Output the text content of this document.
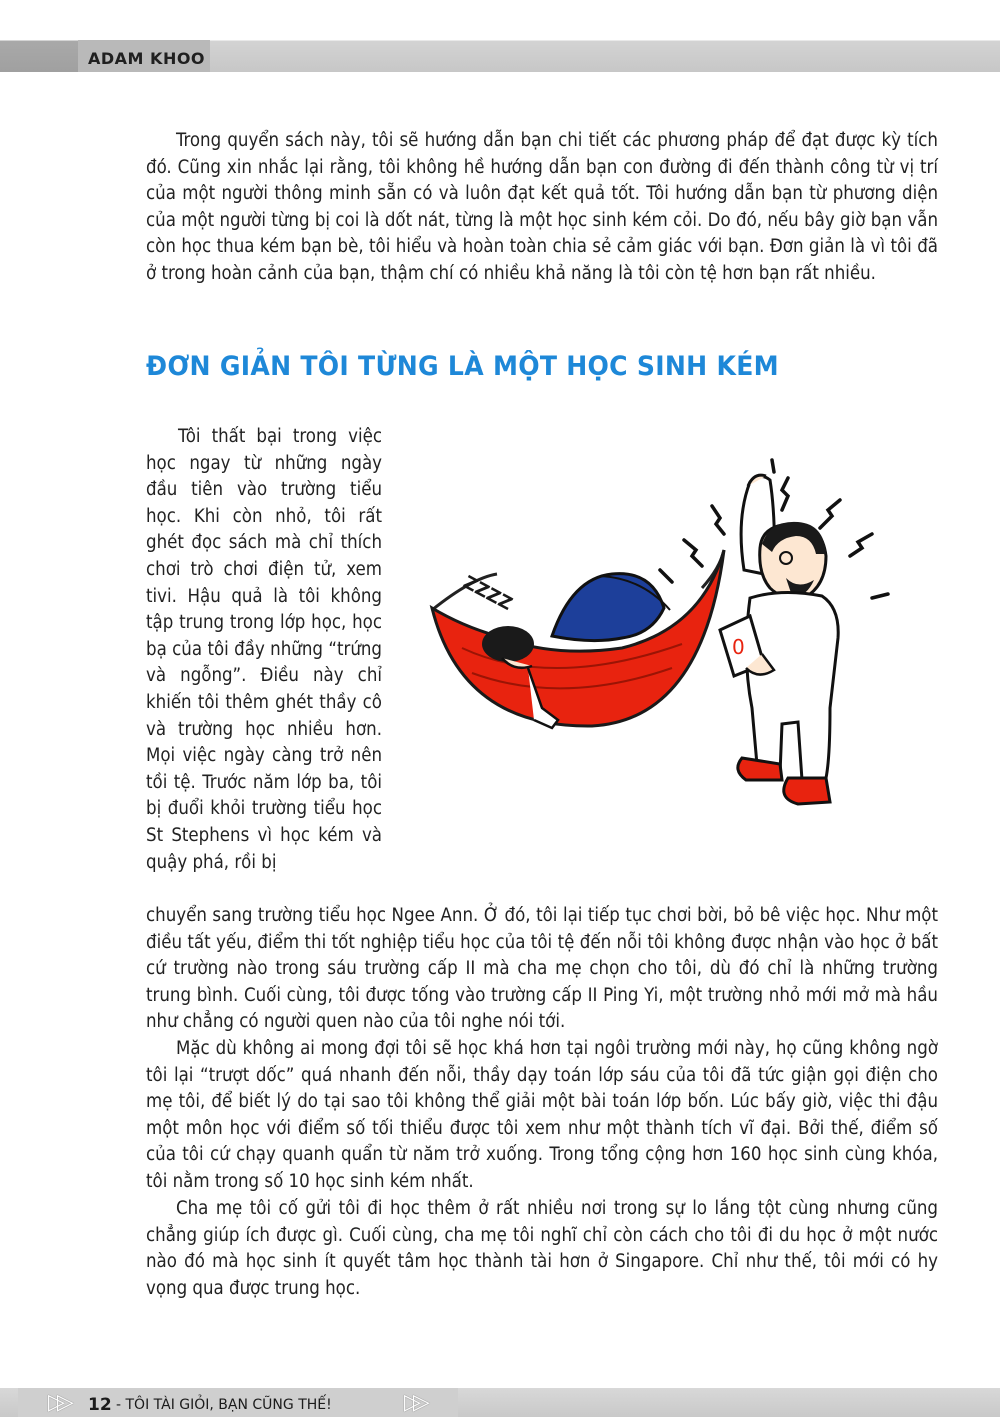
ADAM KHOO

Trong quyển sách này, tôi sẽ hướng dẫn bạn chi tiết các phương pháp để đạt được kỳ tích đó. Cũng xin nhắc lại rằng, tôi không hề hướng dẫn bạn con đường đi đến thành công từ vị trí của một người thông minh sẵn có và luôn đạt kết quả tốt. Tôi hướng dẫn bạn từ phương diện của một người từng bị coi là dốt nát, từng là một học sinh kém cỏi. Do đó, nếu bây giờ bạn vẫn còn học thua kém bạn bè, tôi hiểu và hoàn toàn chia sẻ cảm giác với bạn. Đơn giản là vì tôi đã ở trong hoàn cảnh của bạn, thậm chí có nhiều khả năng là tôi còn tệ hơn bạn rất nhiều.

ĐƠN GIẢN TÔI TỪNG LÀ MỘT HỌC SINH KÉM

Tôi thất bại trong việc học ngay từ những ngày đầu tiên vào trường tiểu học. Khi còn nhỏ, tôi rất ghét đọc sách mà chỉ thích chơi trò chơi điện tử, xem tivi. Hậu quả là tôi không tập trung trong lớp học, học bạ của tôi đầy những “trứng và ngỗng”. Điều này chỉ khiến tôi thêm ghét thầy cô và trường học nhiều hơn. Mọi việc ngày càng trở nên tồi tệ. Trước năm lớp ba, tôi bị đuổi khỏi trường tiểu học St Stephens vì học kém và quậy phá, rồi bị

ZZZZ
0

chuyển sang trường tiểu học Ngee Ann. Ở đó, tôi lại tiếp tục chơi bời, bỏ bê việc học. Như một điều tất yếu, điểm thi tốt nghiệp tiểu học của tôi tệ đến nỗi tôi không được nhận vào học ở bất cứ trường nào trong sáu trường cấp II mà cha mẹ chọn cho tôi, dù đó chỉ là những trường trung bình. Cuối cùng, tôi được tống vào trường cấp II Ping Yi, một trường nhỏ mới mở mà hầu như chẳng có người quen nào của tôi nghe nói tới.

Mặc dù không ai mong đợi tôi sẽ học khá hơn tại ngôi trường mới này, họ cũng không ngờ tôi lại “trượt dốc” quá nhanh đến nỗi, thầy dạy toán lớp sáu của tôi đã tức giận gọi điện cho mẹ tôi, để biết lý do tại sao tôi không thể giải một bài toán lớp bốn. Lúc bấy giờ, việc thi đậu một môn học với điểm số tối thiểu được tôi xem như một thành tích vĩ đại. Bởi thế, điểm số của tôi cứ chạy quanh quẩn từ năm trở xuống. Trong tổng cộng hơn 160 học sinh cùng khóa, tôi nằm trong số 10 học sinh kém nhất.

Cha mẹ tôi cố gửi tôi đi học thêm ở rất nhiều nơi trong sự lo lắng tột cùng nhưng cũng chẳng giúp ích được gì. Cuối cùng, cha mẹ tôi nghĩ chỉ còn cách cho tôi đi du học ở một nước nào đó mà học sinh ít quyết tâm học thành tài hơn ở Singapore. Chỉ như thế, tôi mới có hy vọng qua được trung học.

▷▷ 12 - TÔI TÀI GIỎI, BẠN CŨNG THẾ!	▷▷
